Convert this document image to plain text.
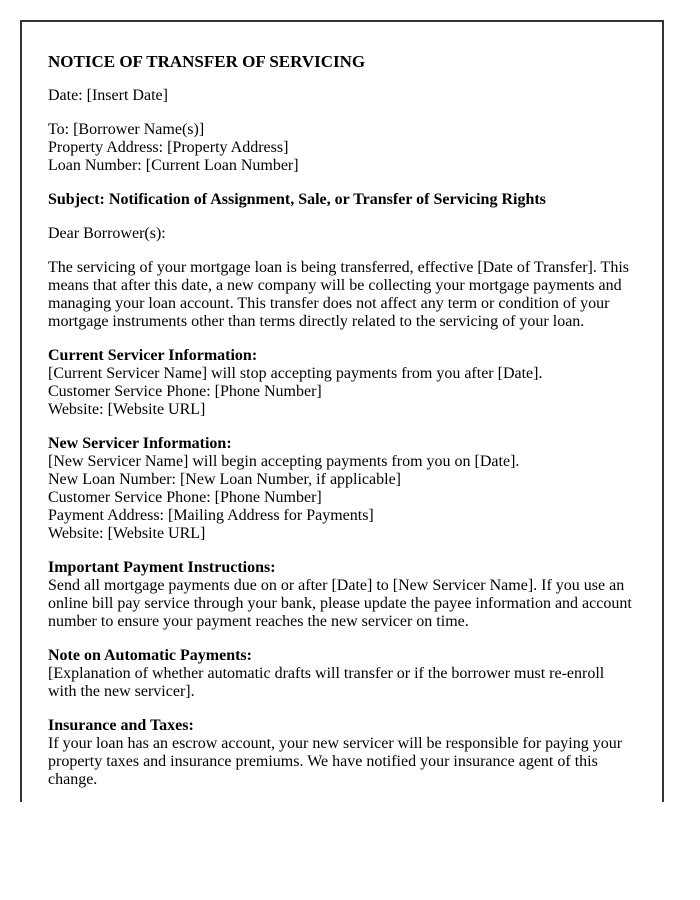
NOTICE OF TRANSFER OF SERVICING

Date: [Insert Date]

To: [Borrower Name(s)]
Property Address: [Property Address]
Loan Number: [Current Loan Number]

Subject: Notification of Assignment, Sale, or Transfer of Servicing Rights

Dear Borrower(s):

The servicing of your mortgage loan is being transferred, effective [Date of Transfer]. This means that after this date, a new company will be collecting your mortgage payments and managing your loan account. This transfer does not affect any term or condition of your mortgage instruments other than terms directly related to the servicing of your loan.

Current Servicer Information:
[Current Servicer Name] will stop accepting payments from you after [Date].
Customer Service Phone: [Phone Number]
Website: [Website URL]

New Servicer Information:
[New Servicer Name] will begin accepting payments from you on [Date].
New Loan Number: [New Loan Number, if applicable]
Customer Service Phone: [Phone Number]
Payment Address: [Mailing Address for Payments]
Website: [Website URL]

Important Payment Instructions:
Send all mortgage payments due on or after [Date] to [New Servicer Name]. If you use an online bill pay service through your bank, please update the payee information and account number to ensure your payment reaches the new servicer on time.

Note on Automatic Payments:
[Explanation of whether automatic drafts will transfer or if the borrower must re-enroll with the new servicer].

Insurance and Taxes:
If your loan has an escrow account, your new servicer will be responsible for paying your property taxes and insurance premiums. We have notified your insurance agent of this change.
